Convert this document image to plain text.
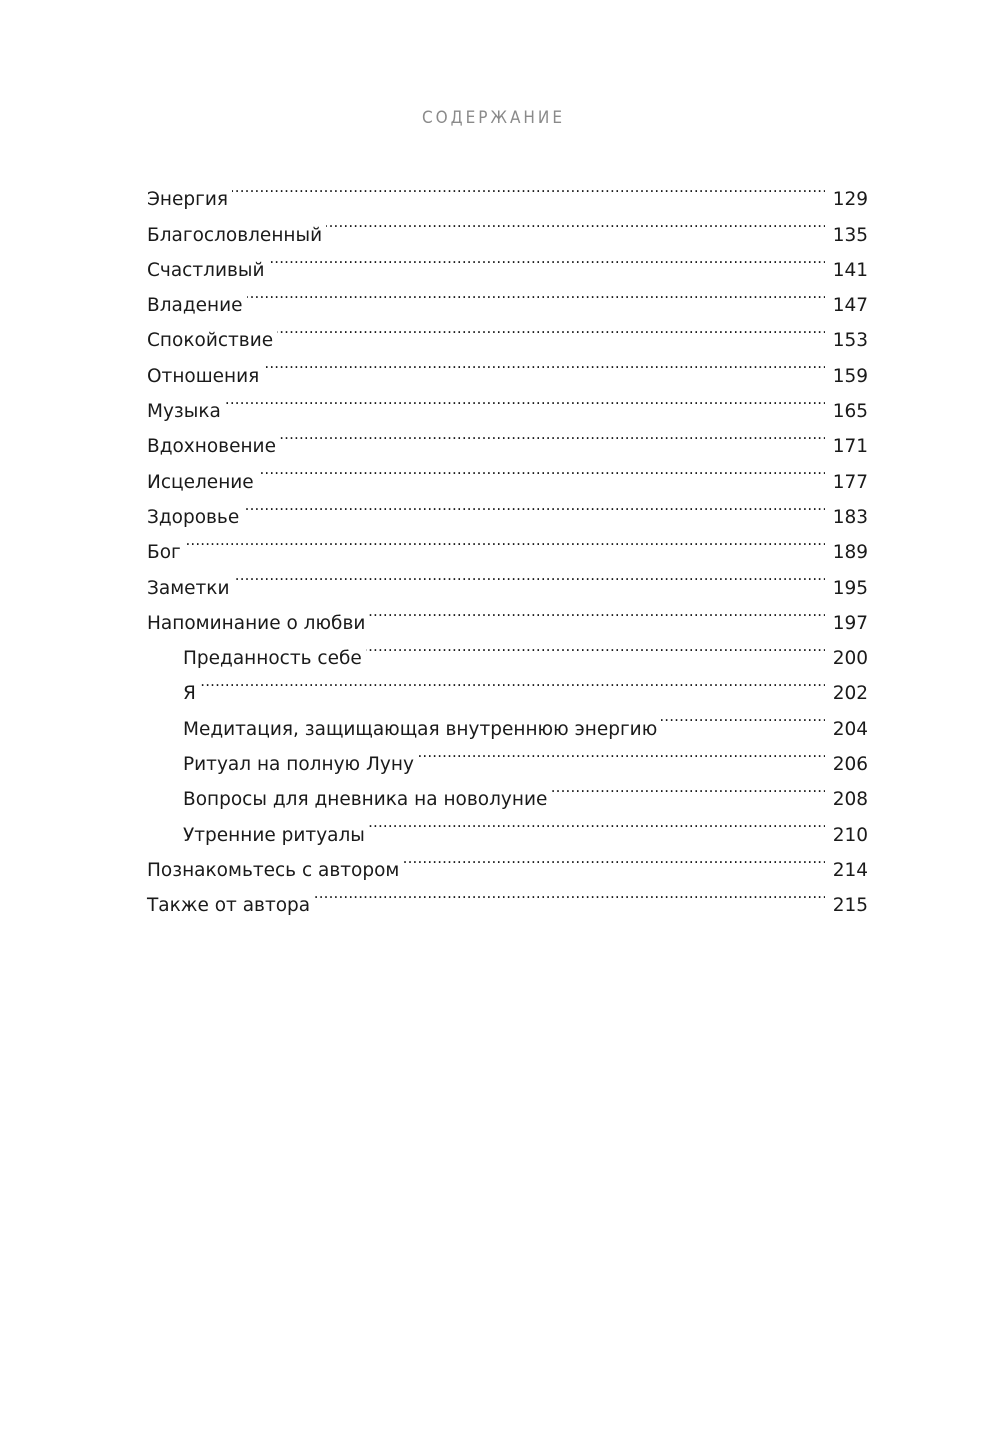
СОДЕРЖАНИЕ
Энергия . . .	129
Благословленный . . .	135
Счастливый . . .	141
Владение . . .	147
Спокойствие . . .	153
Отношения . . .	159
Музыка . . .	165
Вдохновение . . .	171
Исцеление . . .	177
Здоровье . . .	183
Бог . . .	189
Заметки . . .	195
Напоминание о любви . . .	197
Преданность себе . . .	200
Я . . .	202
Медитация, защищающая внутреннюю энергию . . .	204
Ритуал на полную Луну . . .	206
Вопросы для дневника на новолуние . . .	208
Утренние ритуалы . . .	210
Познакомьтесь с автором . . .	214
Также от автора . . .	215
